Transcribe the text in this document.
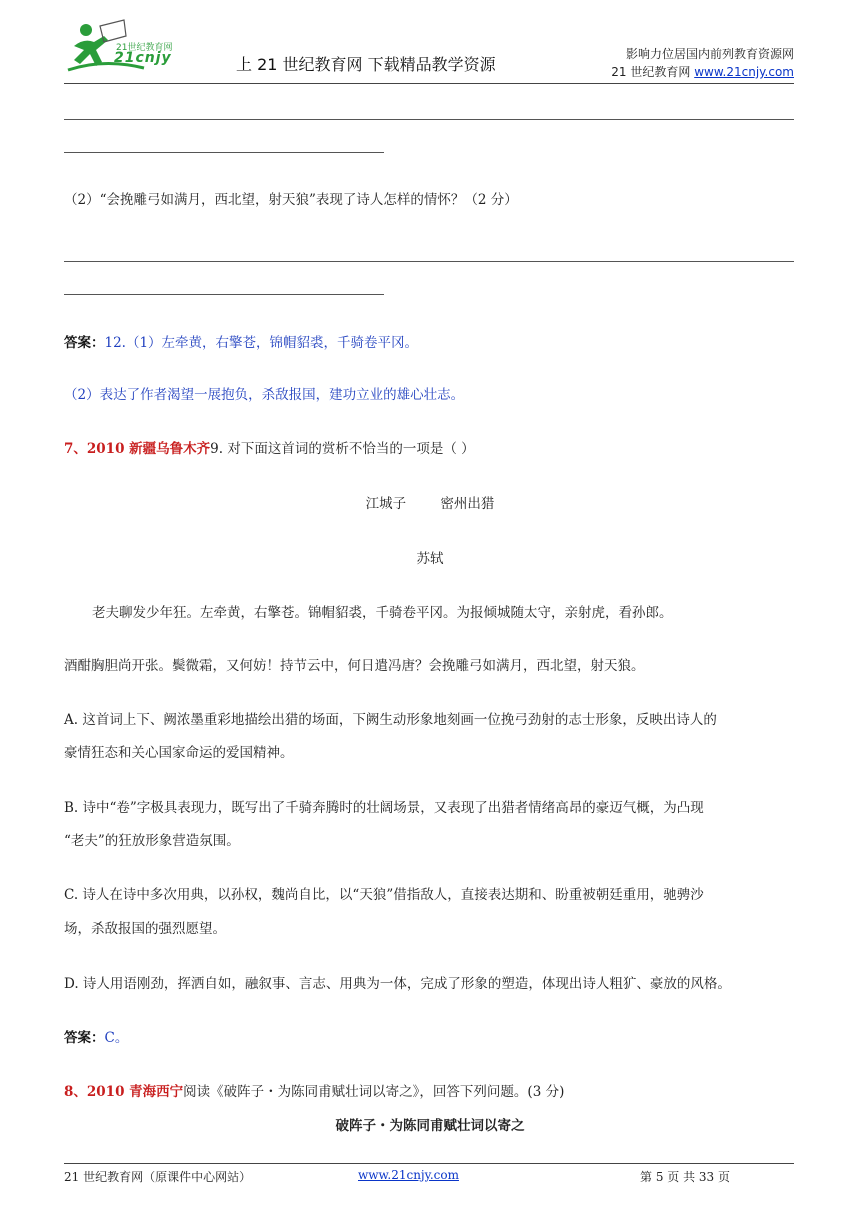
21世纪教育网
21cnjy	上 21 世纪教育网 下载精品教学资源
影响力位居国内前列教育资源网
21 世纪教育网 www.21cnjy.com
（2）“会挽雕弓如满月，西北望，射天狼”表现了诗人怎样的情怀？（2 分）
答案：12.（1）左牵黄，右擎苍，锦帽貂裘，千骑卷平冈。
（2）表达了作者渴望一展抱负，杀敌报国，建功立业的雄心壮志。
7、2010 新疆乌鲁木齐9. 对下面这首词的赏析不恰当的一项是（ ）
江城子        密州出猎
苏轼
老夫聊发少年狂。左牵黄，右擎苍。锦帽貂裘，千骑卷平冈。为报倾城随太守，亲射虎，看孙郎。
酒酣胸胆尚开张。鬓微霜，又何妨！持节云中，何日遣冯唐？会挽雕弓如满月，西北望，射天狼。
A. 这首词上下、阙浓墨重彩地描绘出猎的场面，下阙生动形象地刻画一位挽弓劲射的志士形象，反映出诗人的
豪情狂态和关心国家命运的爱国精神。
B. 诗中“卷”字极具表现力，既写出了千骑奔腾时的壮阔场景，又表现了出猎者情绪高昂的豪迈气概，为凸现
“老夫”的狂放形象营造氛围。
C. 诗人在诗中多次用典，以孙权，魏尚自比，以“天狼”借指敌人，直接表达期和、盼重被朝廷重用，驰骋沙
场，杀敌报国的强烈愿望。
D. 诗人用语刚劲，挥洒自如，融叙事、言志、用典为一体，完成了形象的塑造，体现出诗人粗犷、豪放的风格。
答案：C。
8、2010 青海西宁阅读《破阵子・为陈同甫赋壮词以寄之》，回答下列问题。(3 分)
破阵子・为陈同甫赋壮词以寄之
21 世纪教育网（原课件中心网站）	www.21cnjy.com	第 5 页 共 33 页
